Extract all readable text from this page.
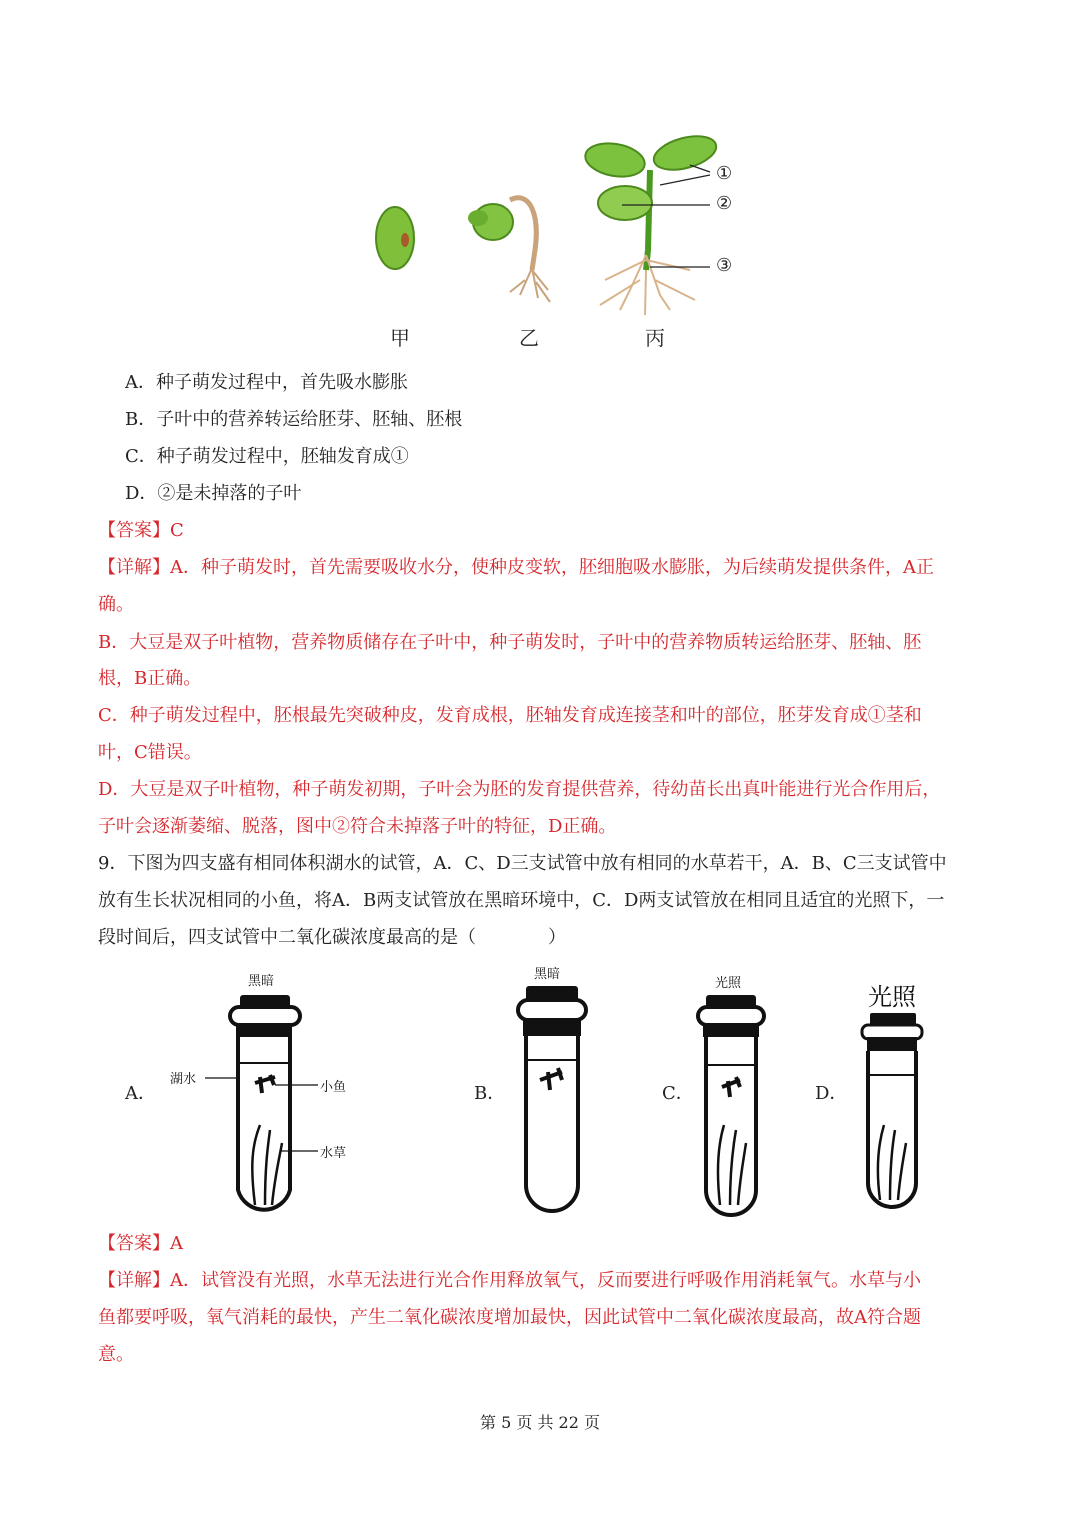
①
②
③
甲	乙	丙
A．种子萌发过程中，首先吸水膨胀
B．子叶中的营养转运给胚芽、胚轴、胚根
C．种子萌发过程中，胚轴发育成①
D．②是未掉落的子叶
【答案】C
【详解】A．种子萌发时，首先需要吸收水分，使种皮变软，胚细胞吸水膨胀，为后续萌发提供条件，A正
确。
B．大豆是双子叶植物，营养物质储存在子叶中，种子萌发时，子叶中的营养物质转运给胚芽、胚轴、胚
根，B正确。
C．种子萌发过程中，胚根最先突破种皮，发育成根，胚轴发育成连接茎和叶的部位，胚芽发育成①茎和
叶，C错误。
D．大豆是双子叶植物，种子萌发初期，子叶会为胚的发育提供营养，待幼苗长出真叶能进行光合作用后，
子叶会逐渐萎缩、脱落，图中②符合未掉落子叶的特征，D正确。
9．下图为四支盛有相同体积湖水的试管，A．C、D三支试管中放有相同的水草若干，A．B、C三支试管中
放有生长状况相同的小鱼，将A．B两支试管放在黑暗环境中，C．D两支试管放在相同且适宜的光照下，一
段时间后，四支试管中二氧化碳浓度最高的是（　　　　）
黑暗
湖水
小鱼
水草
黑暗
光照	光照
A．	B．	C．	D．
【答案】A
【详解】A．试管没有光照，水草无法进行光合作用释放氧气，反而要进行呼吸作用消耗氧气。水草与小
鱼都要呼吸，氧气消耗的最快，产生二氧化碳浓度增加最快，因此试管中二氧化碳浓度最高，故A符合题
意。
第 5 页 共 22 页
